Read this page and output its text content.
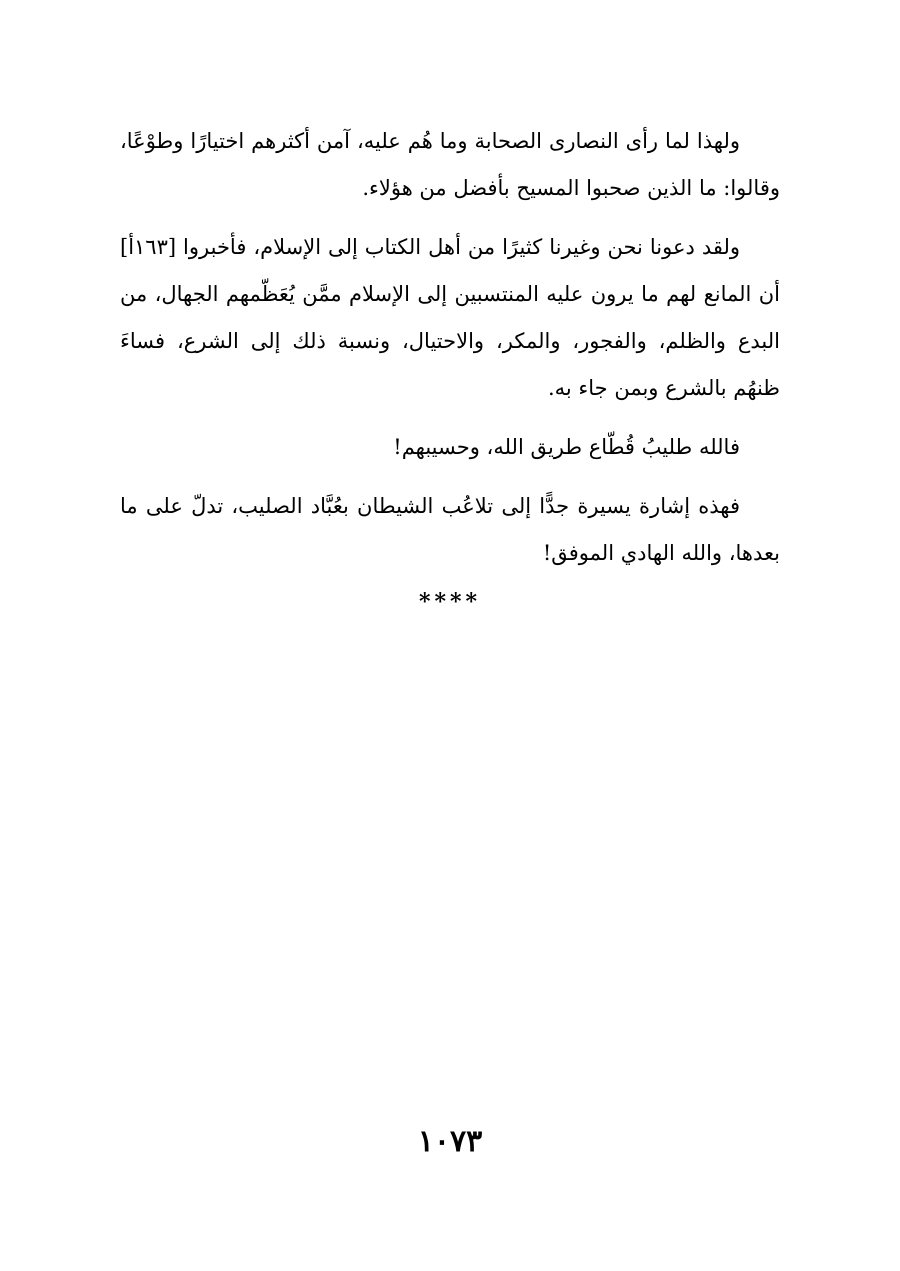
ولهذا لما رأى النصارى الصحابة وما هُم عليه، آمن أكثرهم اختيارًا وطوْعًا، وقالوا: ما الذين صحبوا المسيح بأفضل من هؤلاء.

ولقد دعونا نحن وغيرنا كثيرًا من أهل الكتاب إلى الإسلام، فأخبروا [١٦٣أ] أن المانع لهم ما يرون عليه المنتسبين إلى الإسلام ممَّن يُعَظّمهم الجهال، من البدع والظلم، والفجور، والمكر، والاحتيال، ونسبة ذلك إلى الشرع، فساءَ ظنهُم بالشرع وبمن جاء به.

فالله طليبُ قُطّاع طريق الله، وحسيبهم!

فهذه إشارة يسيرة جدًّا إلى تلاعُب الشيطان بعُبَّاد الصليب، تدلّ على ما بعدها، والله الهادي الموفق!

****
١٠٧٣
